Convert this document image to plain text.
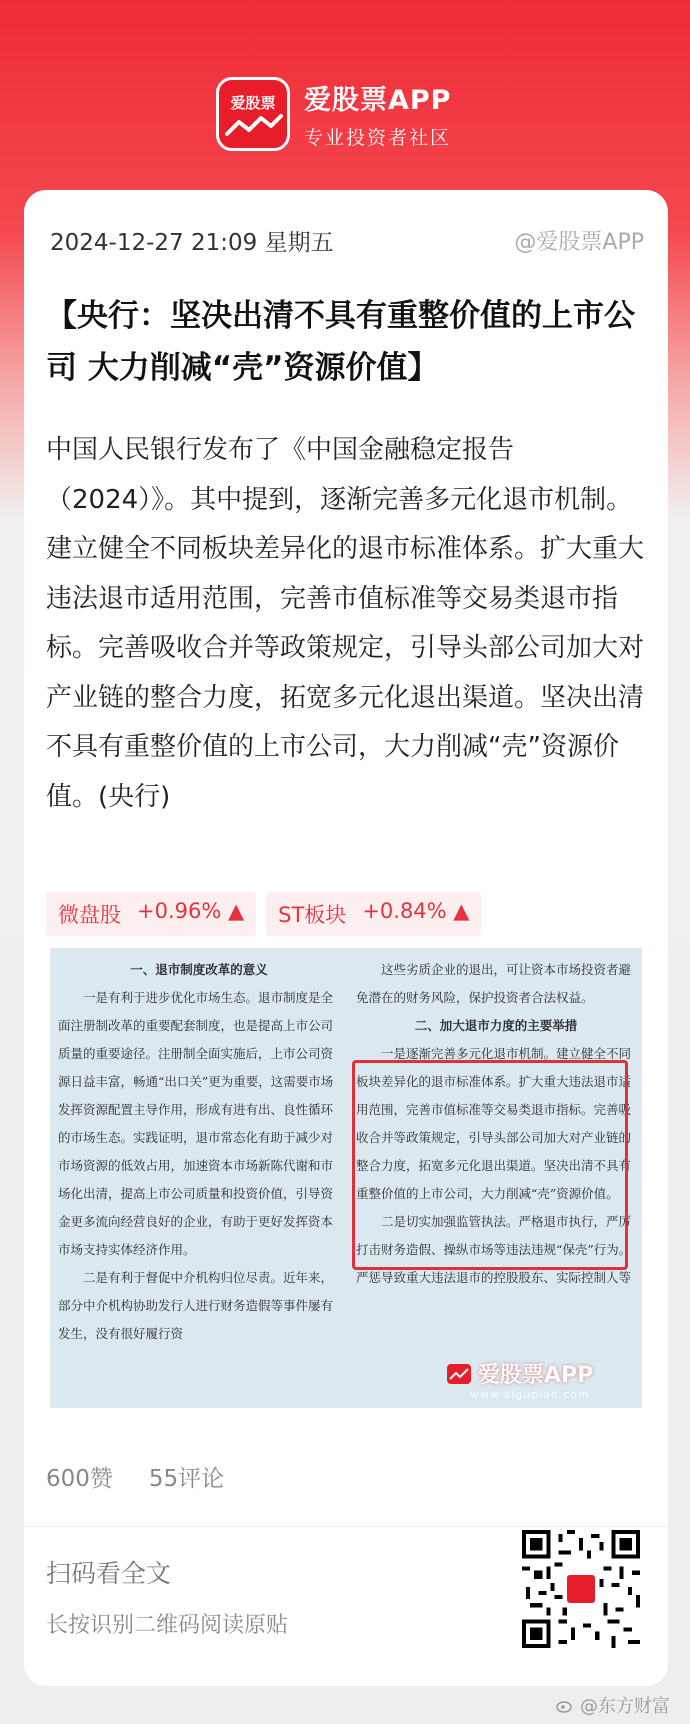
爱股票	爱股票APP
专业投资者社区
2024-12-27 21:09 星期五	@爱股票APP
【央行：坚决出清不具有重整价值的上市公司 大力削减“壳”资源价值】
中国人民银行发布了《中国金融稳定报告（2024）》。其中提到，逐渐完善多元化退市机制。建立健全不同板块差异化的退市标准体系。扩大重大违法退市适用范围，完善市值标准等交易类退市指标。完善吸收合并等政策规定，引导头部公司加大对产业链的整合力度，拓宽多元化退出渠道。坚决出清不具有重整价值的上市公司，大力削减“壳”资源价值。(央行)
微盘股 +0.96% ▲ ST板块 +0.84% ▲

一、退市制度改革的意义

一是有利于进步优化市场生态。退市制度是全面注册制改革的重要配套制度，也是提高上市公司质量的重要途径。注册制全面实施后，上市公司资源日益丰富，畅通“出口关”更为重要，这需要市场发挥资源配置主导作用，形成有进有出、良性循环的市场生态。实践证明，退市常态化有助于减少对市场资源的低效占用，加速资本市场新陈代谢和市场化出清，提高上市公司质量和投资价值，引导资金更多流向经营良好的企业，有助于更好发挥资本市场支持实体经济作用。

二是有利于督促中介机构归位尽责。近年来，部分中介机构协助发行人进行财务造假等事件屡有发生，没有很好履行资

这些劣质企业的退出，可让资本市场投资者避免潜在的财务风险，保护投资者合法权益。

二、加大退市力度的主要举措

一是逐渐完善多元化退市机制。建立健全不同板块差异化的退市标准体系。扩大重大违法退市适用范围，完善市值标准等交易类退市指标。完善吸收合并等政策规定，引导头部公司加大对产业链的整合力度，拓宽多元化退出渠道。坚决出清不具有重整价值的上市公司，大力削减“壳”资源价值。

二是切实加强监管执法。严格退市执行，严厉打击财务造假、操纵市场等违法违规“保壳”行为。严惩导致重大违法退市的控股股东、实际控制人等

爱股票APP
www.aigupiao.com
600赞 55评论
扫码看全文
长按识别二维码阅读原贴
@东方财富
